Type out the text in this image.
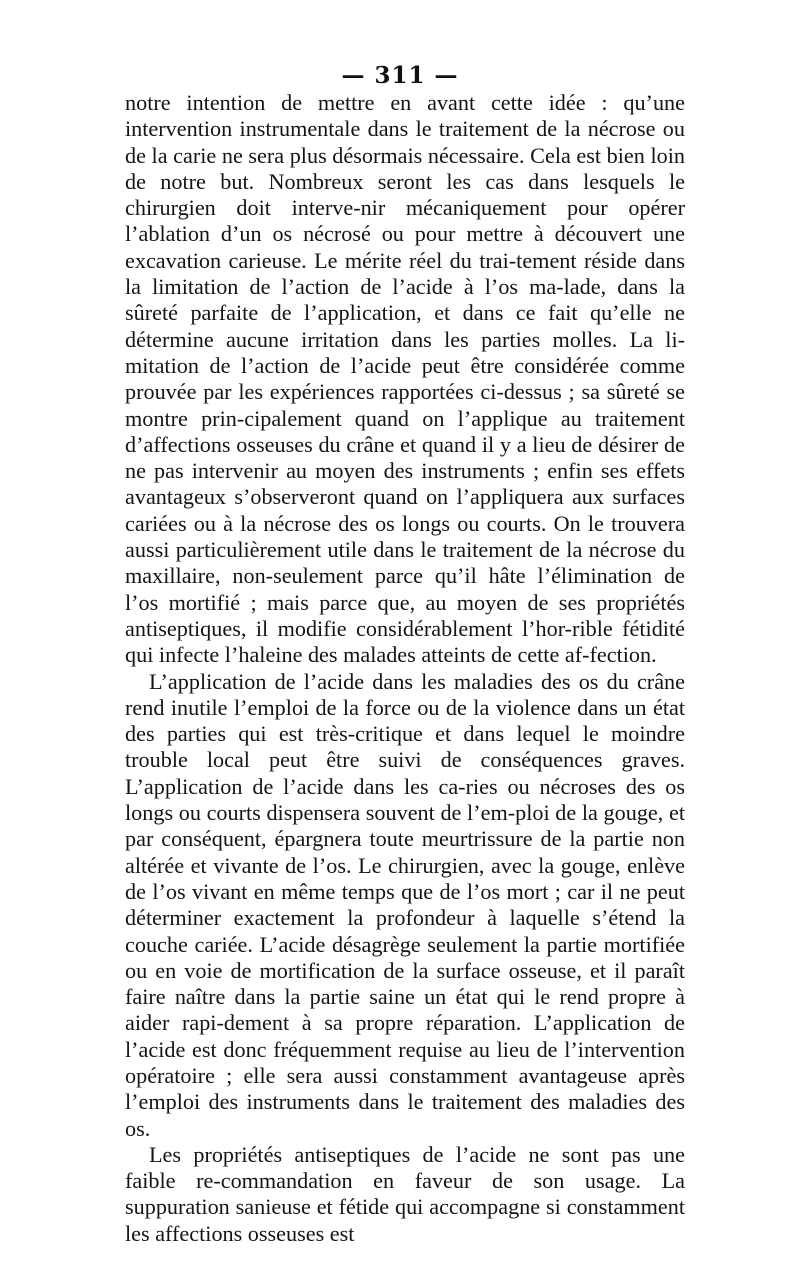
— 311 —

notre intention de mettre en avant cette idée : qu’une intervention instrumentale dans le traitement de la nécrose ou de la carie ne sera plus désormais nécessaire. Cela est bien loin de notre but. Nombreux seront les cas dans lesquels le chirurgien doit interve-nir mécaniquement pour opérer l’ablation d’un os nécrosé ou pour mettre à découvert une excavation carieuse. Le mérite réel du trai-tement réside dans la limitation de l’action de l’acide à l’os ma-lade, dans la sûreté parfaite de l’application, et dans ce fait qu’elle ne détermine aucune irritation dans les parties molles. La li-mitation de l’action de l’acide peut être considérée comme prouvée par les expériences rapportées ci-dessus ; sa sûreté se montre prin-cipalement quand on l’applique au traitement d’affections osseuses du crâne et quand il y a lieu de désirer de ne pas intervenir au moyen des instruments ; enfin ses effets avantageux s’observeront quand on l’appliquera aux surfaces cariées ou à la nécrose des os longs ou courts. On le trouvera aussi particulièrement utile dans le traitement de la nécrose du maxillaire, non-seulement parce qu’il hâte l’élimination de l’os mortifié ; mais parce que, au moyen de ses propriétés antiseptiques, il modifie considérablement l’hor-rible fétidité qui infecte l’haleine des malades atteints de cette af-fection.

L’application de l’acide dans les maladies des os du crâne rend inutile l’emploi de la force ou de la violence dans un état des parties qui est très-critique et dans lequel le moindre trouble local peut être suivi de conséquences graves. L’application de l’acide dans les ca-ries ou nécroses des os longs ou courts dispensera souvent de l’em-ploi de la gouge, et par conséquent, épargnera toute meurtrissure de la partie non altérée et vivante de l’os. Le chirurgien, avec la gouge, enlève de l’os vivant en même temps que de l’os mort ; car il ne peut déterminer exactement la profondeur à laquelle s’étend la couche cariée. L’acide désagrège seulement la partie mortifiée ou en voie de mortification de la surface osseuse, et il paraît faire naître dans la partie saine un état qui le rend propre à aider rapi-dement à sa propre réparation. L’application de l’acide est donc fréquemment requise au lieu de l’intervention opératoire ; elle sera aussi constamment avantageuse après l’emploi des instruments dans le traitement des maladies des os.

Les propriétés antiseptiques de l’acide ne sont pas une faible re-commandation en faveur de son usage. La suppuration sanieuse et fétide qui accompagne si constamment les affections osseuses est
